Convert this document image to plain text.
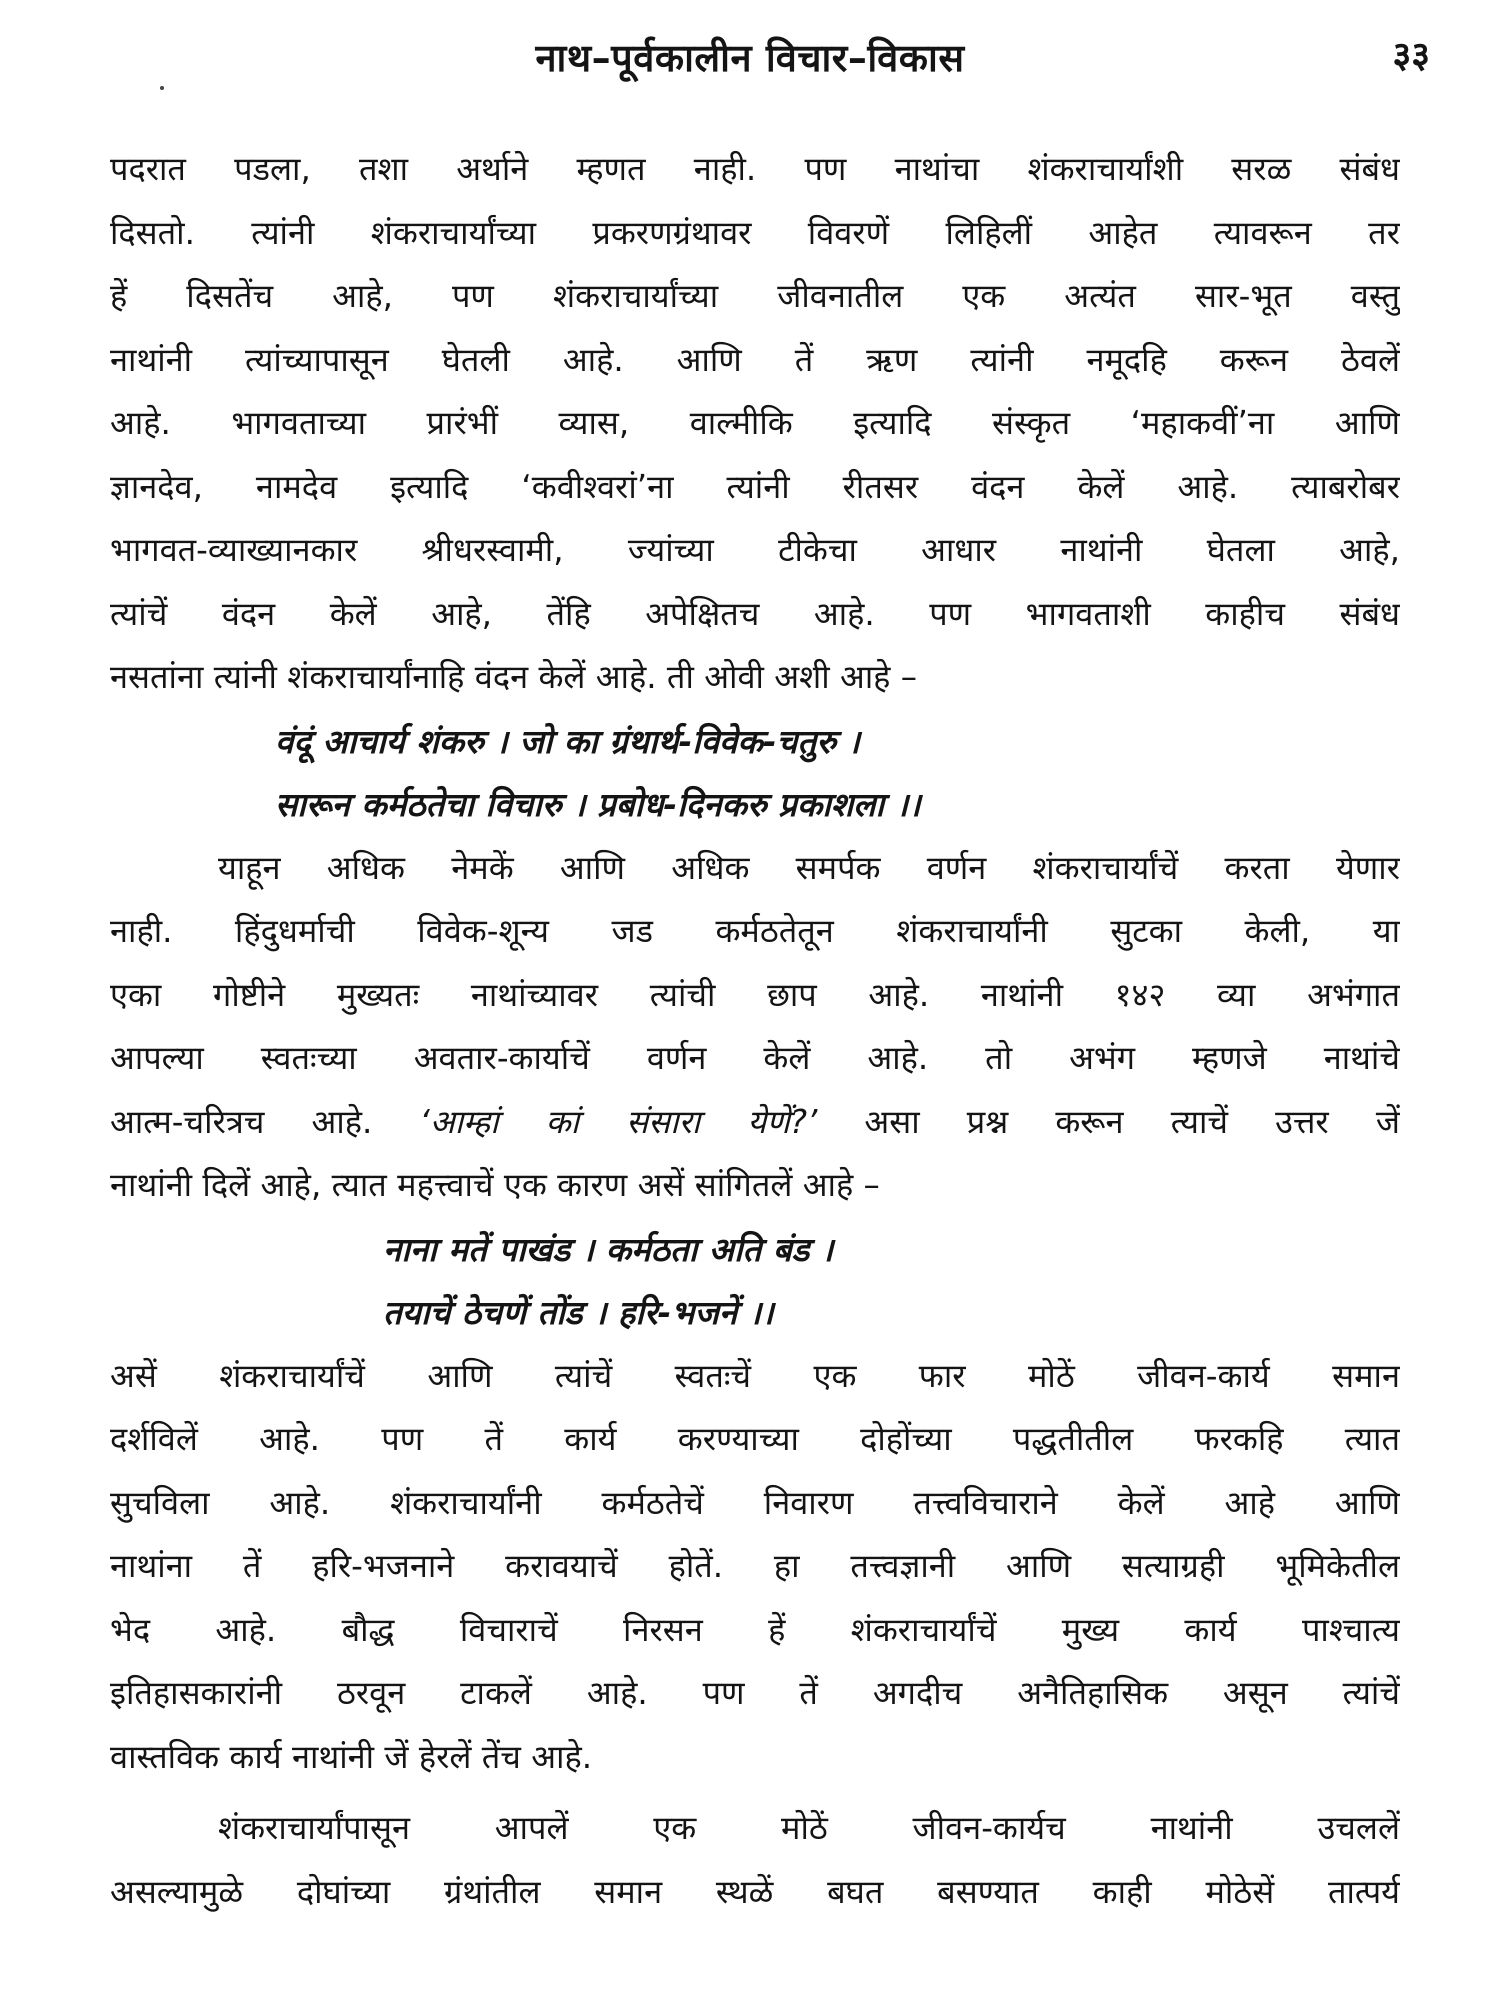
नाथ–पूर्वकालीन विचार–विकास	३३
पदरात पडला, तशा अर्थाने म्हणत नाही. पण नाथांचा शंकराचार्यांशी सरळ संबंध
दिसतो. त्यांनी शंकराचार्यांच्या प्रकरणग्रंथावर विवरणें लिहिलीं आहेत त्यावरून तर
हें दिसतेंच आहे, पण शंकराचार्यांच्या जीवनातील एक अत्यंत सार-भूत वस्तु
नाथांनी त्यांच्यापासून घेतली आहे. आणि तें ऋण त्यांनी नमूदहि करून ठेवलें
आहे. भागवताच्या प्रारंभीं व्यास, वाल्मीकि इत्यादि संस्कृत ‘महाकवीं’ना आणि
ज्ञानदेव, नामदेव इत्यादि ‘कवीश्वरां’ना त्यांनी रीतसर वंदन केलें आहे. त्याबरोबर
भागवत-व्याख्यानकार श्रीधरस्वामी, ज्यांच्या टीकेचा आधार नाथांनी घेतला आहे,
त्यांचें वंदन केलें आहे, तेंहि अपेक्षितच आहे. पण भागवताशी काहीच संबंध
नसतांना त्यांनी शंकराचार्यांनाहि वंदन केलें आहे. ती ओवी अशी आहे –
वंदूं आचार्य शंकरु । जो का ग्रंथार्थ-विवेक-चतुरु ।
सारून कर्मठतेचा विचारु । प्रबोध-दिनकरु प्रकाशला ।।
याहून अधिक नेमकें आणि अधिक समर्पक वर्णन शंकराचार्यांचें करता येणार
नाही. हिंदुधर्माची विवेक-शून्य जड कर्मठतेतून शंकराचार्यांनी सुटका केली, या
एका गोष्टीने मुख्यतः नाथांच्यावर त्यांची छाप आहे. नाथांनी १४२ व्या अभंगात
आपल्या स्वतःच्या अवतार-कार्याचें वर्णन केलें आहे. तो अभंग म्हणजे नाथांचे
आत्म-चरित्रच आहे. ‘आम्हां कां संसारा येणें?’ असा प्रश्न करून त्याचें उत्तर जें
नाथांनी दिलें आहे, त्यात महत्त्वाचें एक कारण असें सांगितलें आहे –
नाना मतें पाखंड । कर्मठता अति बंड ।
तयाचें ठेचणें तोंड । हरि-भजनें ।।
असें शंकराचार्यांचें आणि त्यांचें स्वतःचें एक फार मोठें जीवन-कार्य समान
दर्शविलें आहे. पण तें कार्य करण्याच्या दोहोंच्या पद्धतीतील फरकहि त्यात
सुचविला आहे. शंकराचार्यांनी कर्मठतेचें निवारण तत्त्वविचाराने केलें आहे आणि
नाथांना तें हरि-भजनाने करावयाचें होतें. हा तत्त्वज्ञानी आणि सत्याग्रही भूमिकेतील
भेद आहे. बौद्ध विचाराचें निरसन हें शंकराचार्यांचें मुख्य कार्य पाश्चात्य
इतिहासकारांनी ठरवून टाकलें आहे. पण तें अगदीच अनैतिहासिक असून त्यांचें
वास्तविक कार्य नाथांनी जें हेरलें तेंच आहे.
शंकराचार्यांपासून आपलें एक मोठें जीवन-कार्यच नाथांनी उचललें
असल्यामुळे दोघांच्या ग्रंथांतील समान स्थळें बघत बसण्यात काही मोठेसें तात्पर्य
